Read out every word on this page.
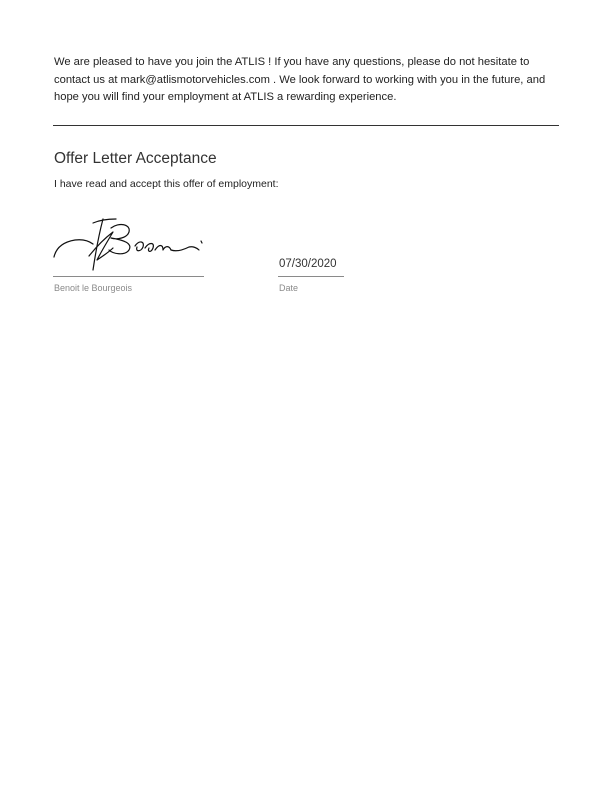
We are pleased to have you join the ATLIS ! If you have any questions, please do not hesitate to contact us at mark@atlismotorvehicles.com . We look forward to working with you in the future, and hope you will find your employment at ATLIS a rewarding experience.

Offer Letter Acceptance

I have read and accept this offer of employment:

Benoit le Bourgeois
07/30/2020
Date
